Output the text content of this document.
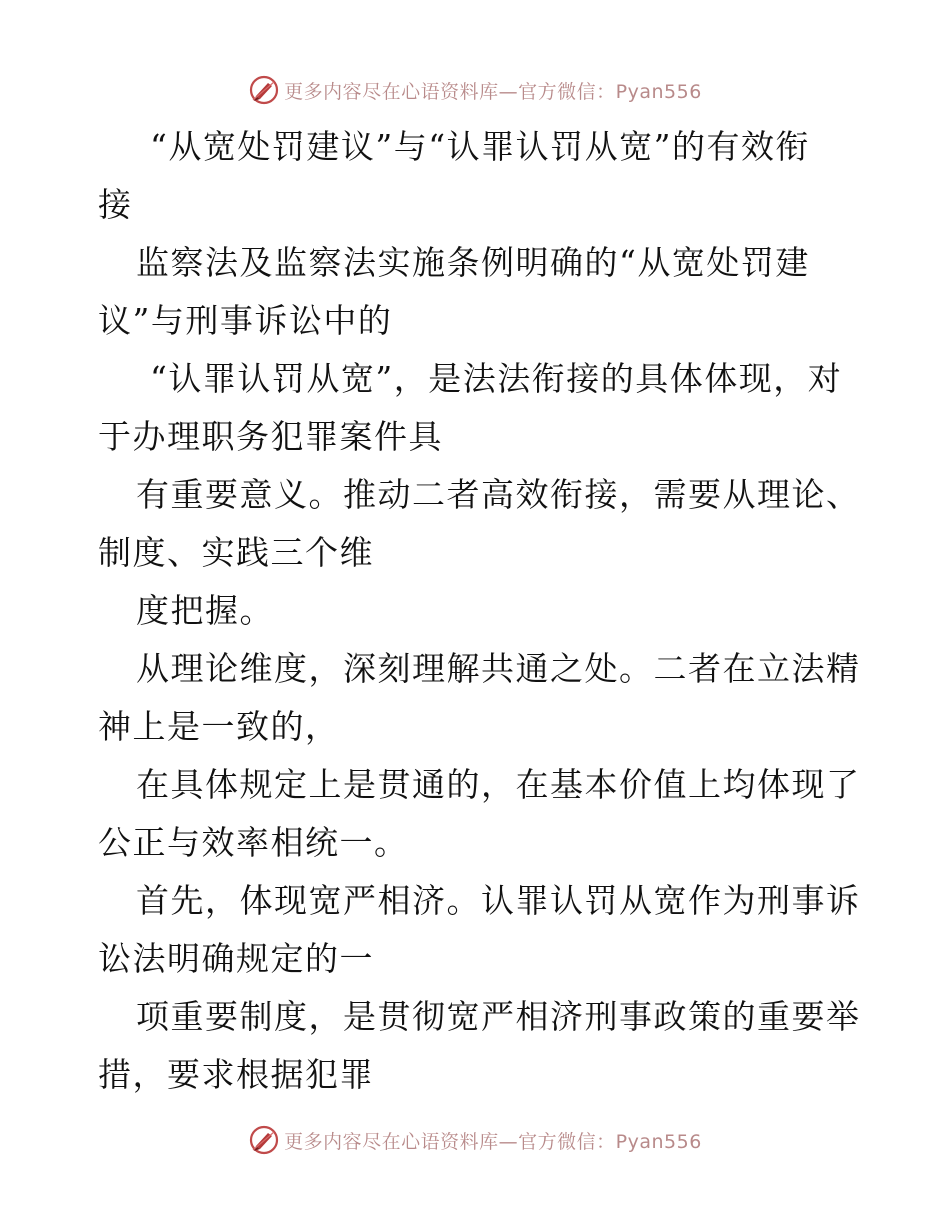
更多内容尽在心语资料库—官方微信：Pyan556
“从宽处罚建议”与“认罪认罚从宽”的有效衔
接
监察法及监察法实施条例明确的“从宽处罚建
议”与刑事诉讼中的
“认罪认罚从宽”，是法法衔接的具体体现，对
于办理职务犯罪案件具
有重要意义。推动二者高效衔接，需要从理论、
制度、实践三个维
度把握。
从理论维度，深刻理解共通之处。二者在立法精
神上是一致的，
在具体规定上是贯通的，在基本价值上均体现了
公正与效率相统一。
首先，体现宽严相济。认罪认罚从宽作为刑事诉
讼法明确规定的一
项重要制度，是贯彻宽严相济刑事政策的重要举
措，要求根据犯罪
更多内容尽在心语资料库—官方微信：Pyan556
